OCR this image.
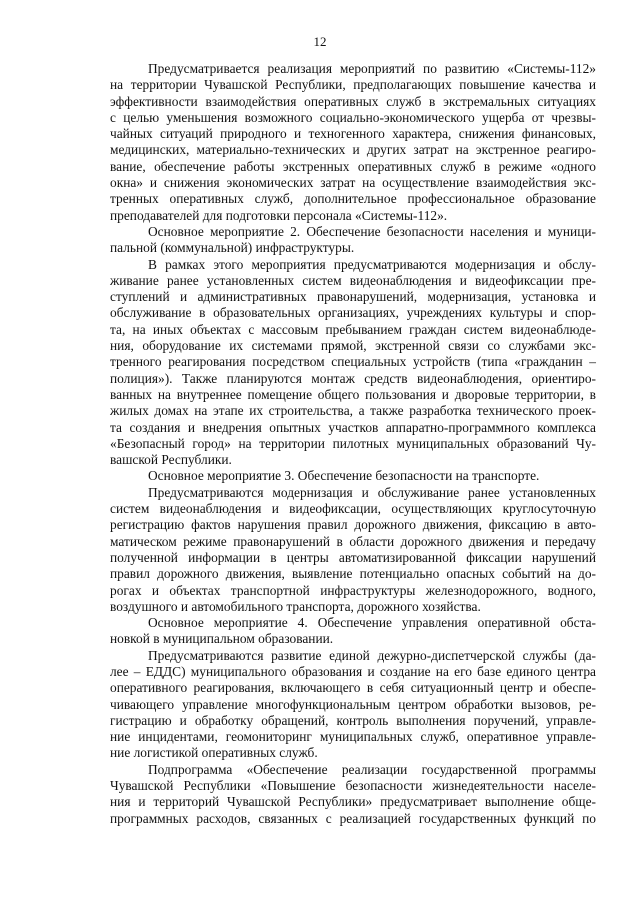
12
Предусматривается реализация мероприятий по развитию «Системы-112»
на территории Чувашской Республики, предполагающих повышение качества и
эффективности взаимодействия оперативных служб в экстремальных ситуациях
с целью уменьшения возможного социально-экономического ущерба от чрезвы-
чайных ситуаций природного и техногенного характера, снижения финансовых,
медицинских, материально-технических и других затрат на экстренное реагиро-
вание, обеспечение работы экстренных оперативных служб в режиме «одного
окна» и снижения экономических затрат на осуществление взаимодействия экс-
тренных оперативных служб, дополнительное профессиональное образование
преподавателей для подготовки персонала «Системы-112».
Основное мероприятие 2. Обеспечение безопасности населения и муници-
пальной (коммунальной) инфраструктуры.
В рамках этого мероприятия предусматриваются модернизация и обслу-
живание ранее установленных систем видеонаблюдения и видеофиксации пре-
ступлений и административных правонарушений, модернизация, установка и
обслуживание в образовательных организациях, учреждениях культуры и спор-
та, на иных объектах с массовым пребыванием граждан систем видеонаблюде-
ния, оборудование их системами прямой, экстренной связи со службами экс-
тренного реагирования посредством специальных устройств (типа «гражданин –
полиция»). Также планируются монтаж средств видеонаблюдения, ориентиро-
ванных на внутреннее помещение общего пользования и дворовые территории, в
жилых домах на этапе их строительства, а также разработка технического проек-
та создания и внедрения опытных участков аппаратно-программного комплекса
«Безопасный город» на территории пилотных муниципальных образований Чу-
вашской Республики.
Основное мероприятие 3. Обеспечение безопасности на транспорте.
Предусматриваются модернизация и обслуживание ранее установленных
систем видеонаблюдения и видеофиксации, осуществляющих круглосуточную
регистрацию фактов нарушения правил дорожного движения, фиксацию в авто-
матическом режиме правонарушений в области дорожного движения и передачу
полученной информации в центры автоматизированной фиксации нарушений
правил дорожного движения, выявление потенциально опасных событий на до-
рогах и объектах транспортной инфраструктуры железнодорожного, водного,
воздушного и автомобильного транспорта, дорожного хозяйства.
Основное мероприятие 4. Обеспечение управления оперативной обста-
новкой в муниципальном образовании.
Предусматриваются развитие единой дежурно-диспетчерской службы (да-
лее – ЕДДС) муниципального образования и создание на его базе единого центра
оперативного реагирования, включающего в себя ситуационный центр и обеспе-
чивающего управление многофункциональным центром обработки вызовов, ре-
гистрацию и обработку обращений, контроль выполнения поручений, управле-
ние инцидентами, геомониторинг муниципальных служб, оперативное управле-
ние логистикой оперативных служб.
Подпрограмма «Обеспечение реализации государственной программы
Чувашской Республики «Повышение безопасности жизнедеятельности населе-
ния и территорий Чувашской Республики» предусматривает выполнение обще-
программных расходов, связанных с реализацией государственных функций по
